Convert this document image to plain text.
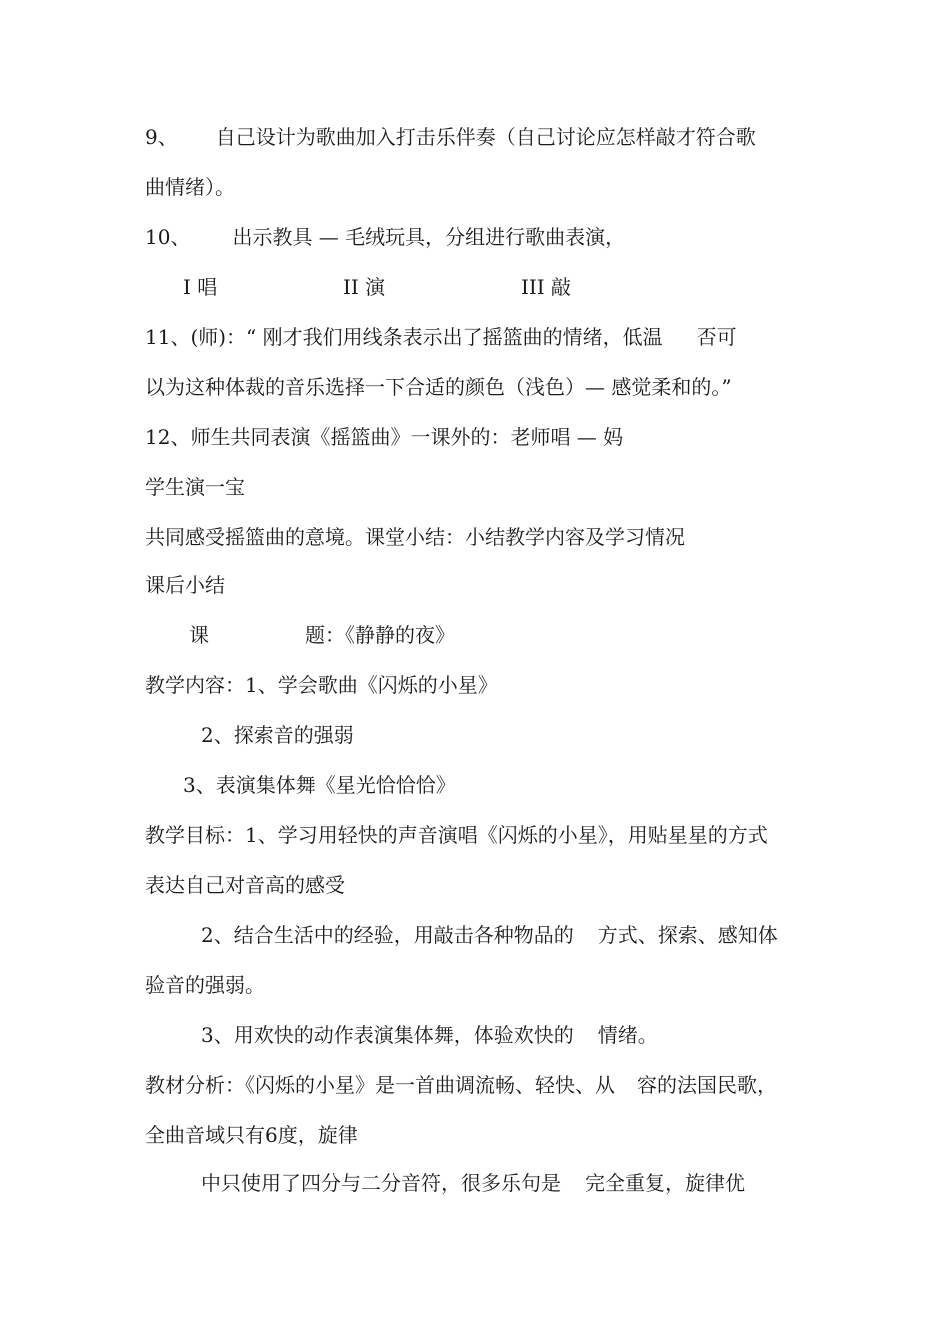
9、 自己设计为歌曲加入打击乐伴奏（自己讨论应怎样敲才符合歌
曲情绪）。
10、 出示教具 — 毛绒玩具，分组进行歌曲表演，
I 唱	II 演	III 敲
11、(师)：“ 刚才我们用线条表示出了摇篮曲的情绪，低温 否可
以为这种体裁的音乐选择一下合适的颜色（浅色）— 感觉柔和的。”
12、师生共同表演《摇篮曲》一课外的：老师唱 — 妈
学生演一宝
共同感受摇篮曲的意境。课堂小结：小结教学内容及学习情况
课后小结
课	题：《静静的夜》
教学内容：1、学会歌曲《闪烁的小星》
2、探索音的强弱
3、表演集体舞《星光恰恰恰》
教学目标：1、学习用轻快的声音演唱《闪烁的小星》，用贴星星的方式
表达自己对音高的感受
2、结合生活中的经验，用敲击各种物品的 方式、探索、感知体
验音的强弱。
3、用欢快的动作表演集体舞，体验欢快的 情绪。
教材分析：《闪烁的小星》是一首曲调流畅、轻快、从 容的法国民歌，
全曲音域只有6度，旋律
中只使用了四分与二分音符，很多乐句是 完全重复，旋律优
